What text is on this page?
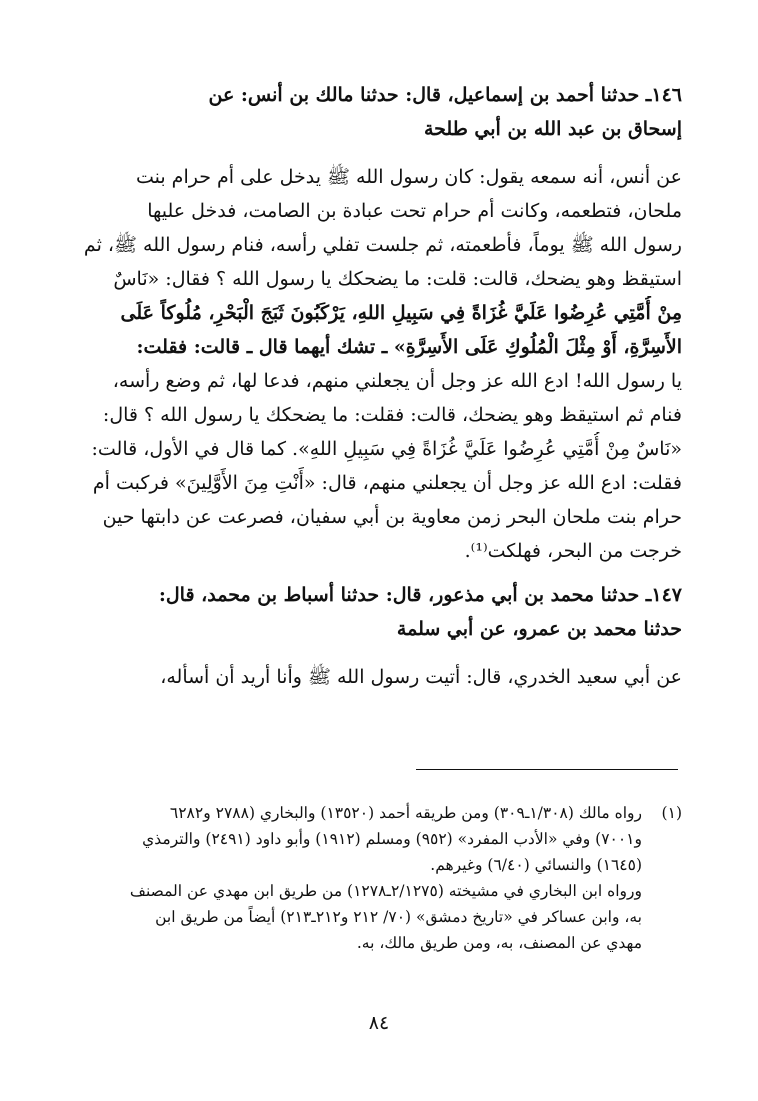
١٤٦ـ حدثنا أحمد بن إسماعيل، قال: حدثنا مالك بن أنس: عن
إسحاق بن عبد الله بن أبي طلحة
عن أنس، أنه سمعه يقول: كان رسول الله ﷺ يدخل على أم حرام بنت
ملحان، فتطعمه، وكانت أم حرام تحت عبادة بن الصامت، فدخل عليها
رسول الله ﷺ يوماً، فأطعمته، ثم جلست تفلي رأسه، فنام رسول الله ﷺ، ثم
استيقظ وهو يضحك، قالت: قلت: ما يضحكك يا رسول الله ؟ فقال: «نَاسٌ
مِنْ أُمَّتِي عُرِضُوا عَلَيَّ غُزَاةً فِي سَبِيلِ اللهِ، يَرْكَبُونَ ثَبَجَ الْبَحْرِ، مُلُوكاً عَلَى
الأَسِرَّةِ، أَوْ مِثْلَ الْمُلُوكِ عَلَى الأَسِرَّةِ» ـ تشك أيهما قال ـ قالت: فقلت:
يا رسول الله! ادع الله عز وجل أن يجعلني منهم، فدعا لها، ثم وضع رأسه،
فنام ثم استيقظ وهو يضحك، قالت: فقلت: ما يضحكك يا رسول الله ؟ قال:
«نَاسٌ مِنْ أُمَّتِي عُرِضُوا عَلَيَّ غُزَاةً فِي سَبِيلِ اللهِ». كما قال في الأول، قالت:
فقلت: ادع الله عز وجل أن يجعلني منهم، قال: «أَنْتِ مِنَ الأَوَّلِينَ» فركبت أم
حرام بنت ملحان البحر زمن معاوية بن أبي سفيان، فصرعت عن دابتها حين
خرجت من البحر، فهلكت⁽¹⁾.
١٤٧ـ حدثنا محمد بن أبي مذعور، قال: حدثنا أسباط بن محمد، قال:
حدثنا محمد بن عمرو، عن أبي سلمة
عن أبي سعيد الخدري، قال: أتيت رسول الله ﷺ وأنا أريد أن أسأله،
(١)رواه مالك (١/٣٠٨ـ٣٠٩) ومن طريقه أحمد (١٣٥٢٠) والبخاري (٢٧٨٨ و٦٢٨٢
و٧٠٠١) وفي «الأدب المفرد» (٩٥٢) ومسلم (١٩١٢) وأبو داود (٢٤٩١) والترمذي
(١٦٤٥) والنسائي (٦/٤٠) وغيرهم.
ورواه ابن البخاري في مشيخته (٢/١٢٧٥ـ١٢٧٨) من طريق ابن مهدي عن المصنف
به، وابن عساكر في «تاريخ دمشق» (٧٠/ ٢١٢ و٢١٢ـ٢١٣) أيضاً من طريق ابن
مهدي عن المصنف، به، ومن طريق مالك، به.
٨٤
